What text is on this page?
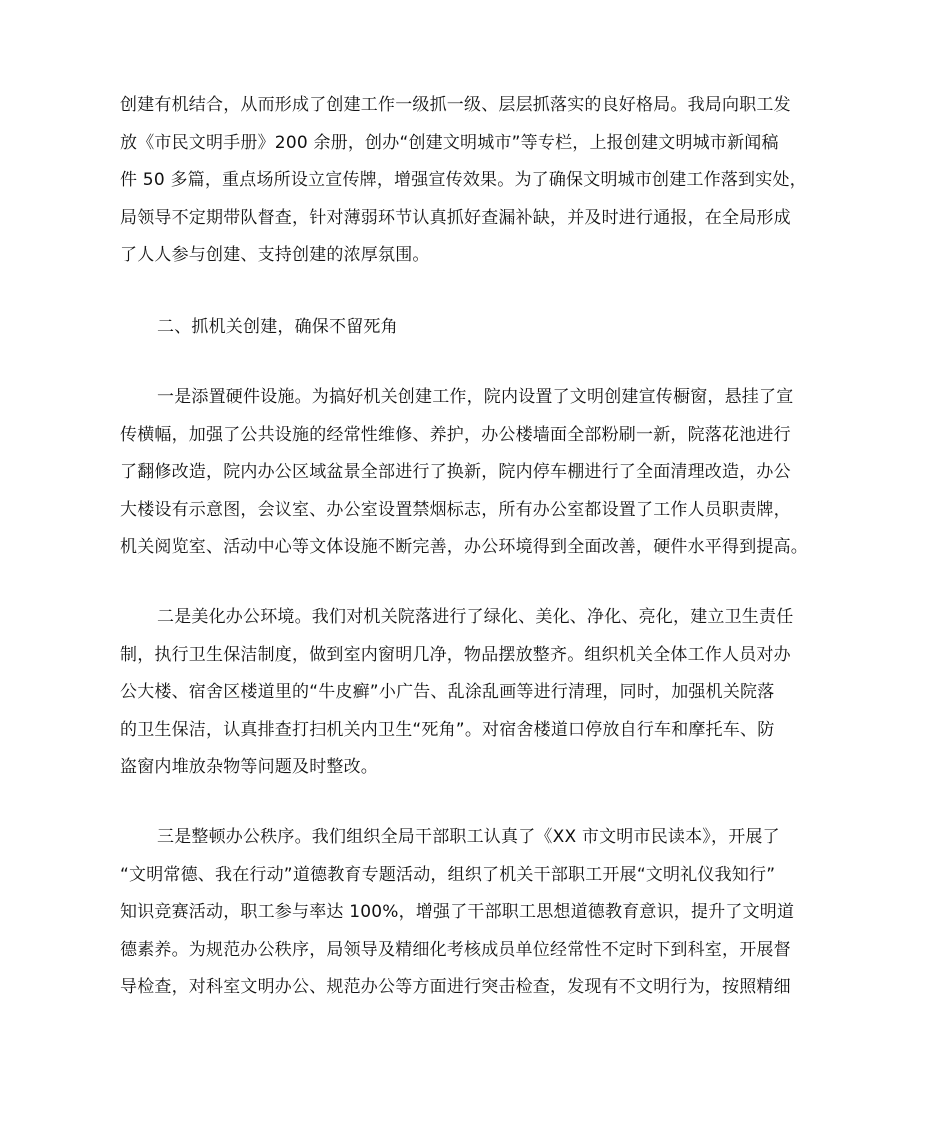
创建有机结合，从而形成了创建工作一级抓一级、层层抓落实的良好格局。我局向职工发
放《市民文明手册》200 余册，创办“创建文明城市”等专栏，上报创建文明城市新闻稿
件 50 多篇，重点场所设立宣传牌，增强宣传效果。为了确保文明城市创建工作落到实处，
局领导不定期带队督查，针对薄弱环节认真抓好查漏补缺，并及时进行通报，在全局形成
了人人参与创建、支持创建的浓厚氛围。
二、抓机关创建，确保不留死角
一是添置硬件设施。为搞好机关创建工作，院内设置了文明创建宣传橱窗，悬挂了宣
传横幅，加强了公共设施的经常性维修、养护，办公楼墙面全部粉刷一新，院落花池进行
了翻修改造，院内办公区域盆景全部进行了换新，院内停车棚进行了全面清理改造，办公
大楼设有示意图，会议室、办公室设置禁烟标志，所有办公室都设置了工作人员职责牌，
机关阅览室、活动中心等文体设施不断完善，办公环境得到全面改善，硬件水平得到提高。
二是美化办公环境。我们对机关院落进行了绿化、美化、净化、亮化，建立卫生责任
制，执行卫生保洁制度，做到室内窗明几净，物品摆放整齐。组织机关全体工作人员对办
公大楼、宿舍区楼道里的“牛皮癣”小广告、乱涂乱画等进行清理，同时，加强机关院落
的卫生保洁，认真排查打扫机关内卫生“死角”。对宿舍楼道口停放自行车和摩托车、防
盗窗内堆放杂物等问题及时整改。
三是整顿办公秩序。我们组织全局干部职工认真了《XX 市文明市民读本》，开展了
“文明常德、我在行动”道德教育专题活动，组织了机关干部职工开展“文明礼仪我知行”
知识竞赛活动，职工参与率达 100%，增强了干部职工思想道德教育意识，提升了文明道
德素养。为规范办公秩序，局领导及精细化考核成员单位经常性不定时下到科室，开展督
导检查，对科室文明办公、规范办公等方面进行突击检查，发现有不文明行为，按照精细
